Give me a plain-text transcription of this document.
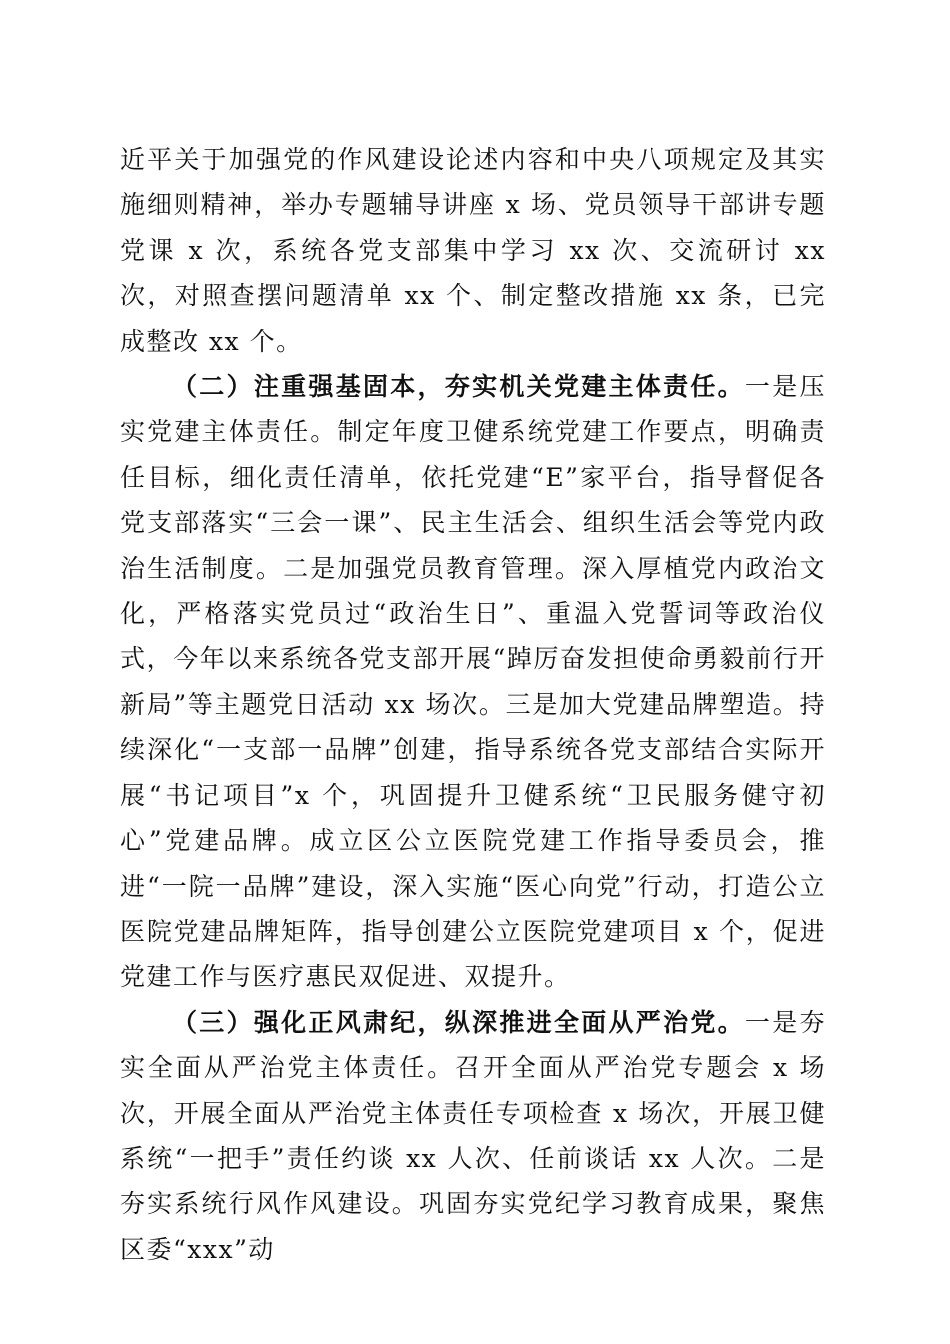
近平关于加强党的作风建设论述内容和中央八项规定及其实施细则精神，举办专题辅导讲座 x 场、党员领导干部讲专题党课 x 次，系统各党支部集中学习 xx 次、交流研讨 xx 次，对照查摆问题清单 xx 个、制定整改措施 xx 条，已完成整改 xx 个。

（二）注重强基固本，夯实机关党建主体责任。一是压实党建主体责任。制定年度卫健系统党建工作要点，明确责任目标，细化责任清单，依托党建“E”家平台，指导督促各党支部落实“三会一课”、民主生活会、组织生活会等党内政治生活制度。二是加强党员教育管理。深入厚植党内政治文化，严格落实党员过“政治生日”、重温入党誓词等政治仪式，今年以来系统各党支部开展“踔厉奋发担使命勇毅前行开新局”等主题党日活动 xx 场次。三是加大党建品牌塑造。持续深化“一支部一品牌”创建，指导系统各党支部结合实际开展“书记项目”x 个，巩固提升卫健系统“卫民服务健守初心”党建品牌。成立区公立医院党建工作指导委员会，推进“一院一品牌”建设，深入实施“医心向党”行动，打造公立医院党建品牌矩阵，指导创建公立医院党建项目 x 个，促进党建工作与医疗惠民双促进、双提升。

（三）强化正风肃纪，纵深推进全面从严治党。一是夯实全面从严治党主体责任。召开全面从严治党专题会 x 场次，开展全面从严治党主体责任专项检查 x 场次，开展卫健系统“一把手”责任约谈 xx 人次、任前谈话 xx 人次。二是夯实系统行风作风建设。巩固夯实党纪学习教育成果，聚焦区委“xxx”动
